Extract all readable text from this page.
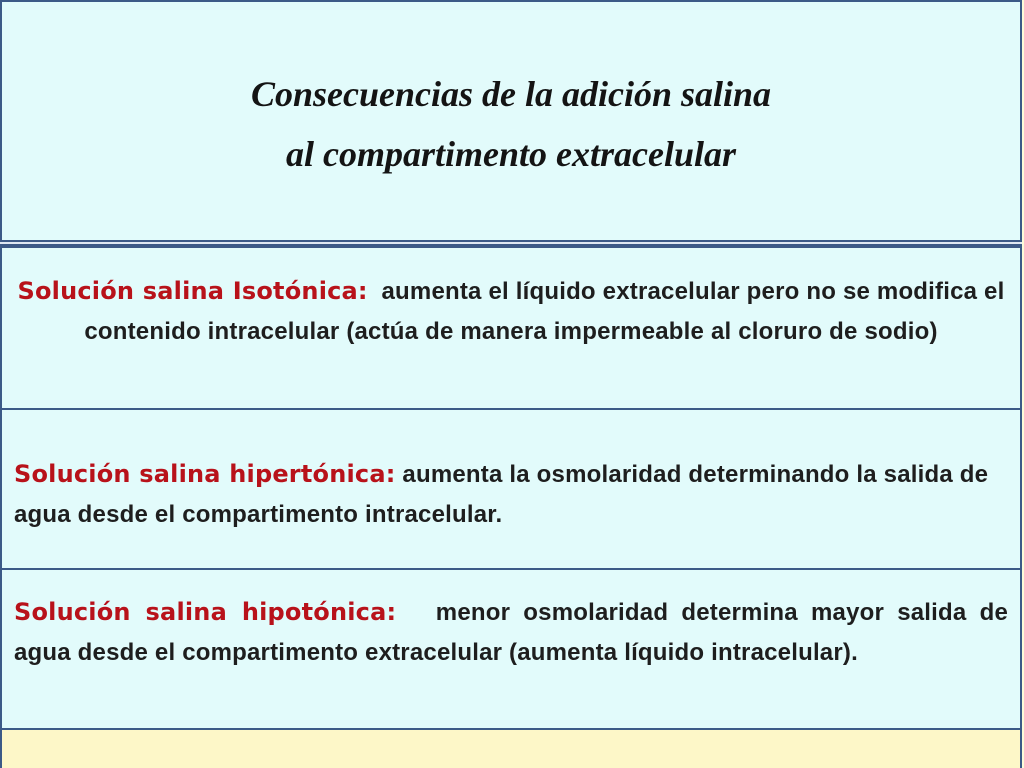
Consecuencias de la adición salina
al compartimento extracelular
Solución salina Isotónica: aumenta el líquido extracelular pero no se modifica el contenido intracelular (actúa de manera impermeable al cloruro de sodio)
Solución salina hipertónica: aumenta la osmolaridad determinando la salida de agua desde el compartimento intracelular.
Solución salina hipotónica: menor osmolaridad determina mayor salida de agua desde el compartimento extracelular (aumenta líquido intracelular).
